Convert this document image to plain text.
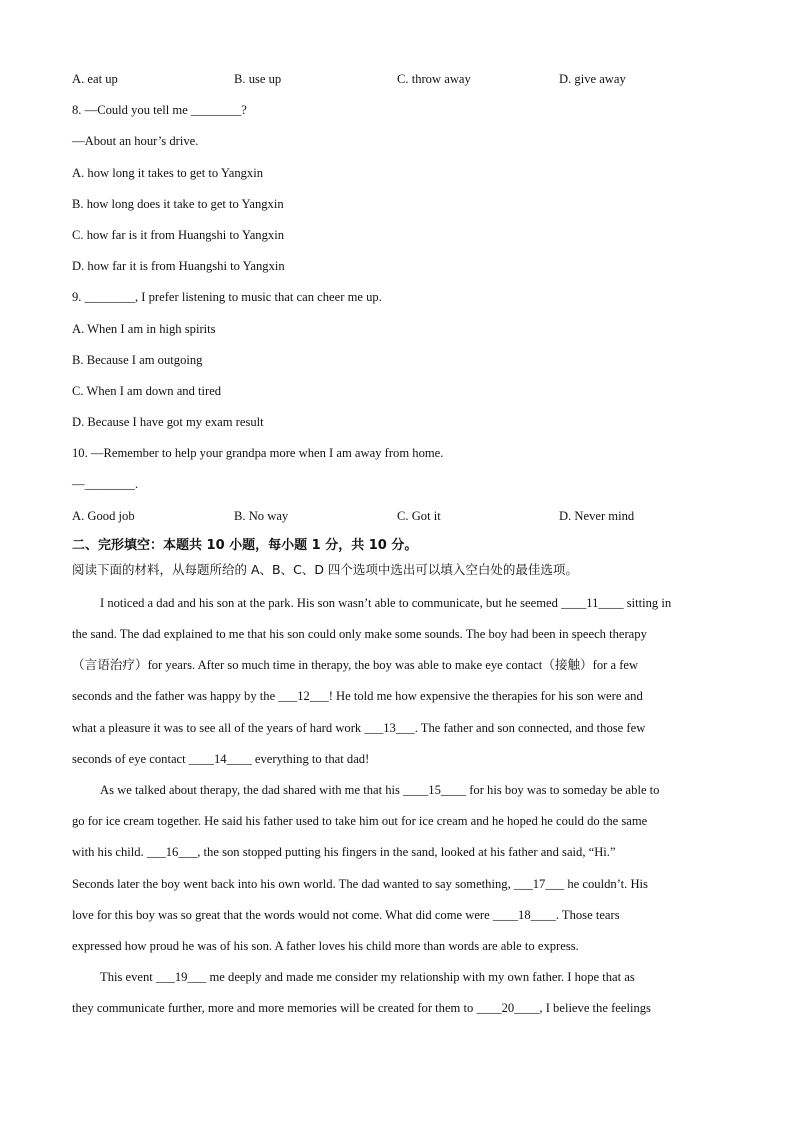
A. eat up	B. use up	C. throw away	D. give away
8. —Could you tell me ________?
—About an hour’s drive.
A. how long it takes to get to Yangxin
B. how long does it take to get to Yangxin
C. how far is it from Huangshi to Yangxin
D. how far it is from Huangshi to Yangxin
9. ________, I prefer listening to music that can cheer me up.
A. When I am in high spirits
B. Because I am outgoing
C. When I am down and tired
D. Because I have got my exam result
10. —Remember to help your grandpa more when I am away from home.
—________.
A. Good job	B. No way	C. Got it	D. Never mind
二、完形填空：本题共 10 小题，每小题 1 分，共 10 分。
阅读下面的材料，从每题所给的 A、B、C、D 四个选项中选出可以填入空白处的最佳选项。
I noticed a dad and his son at the park. His son wasn’t able to communicate, but he seemed ____11____ sitting in
the sand. The dad explained to me that his son could only make some sounds. The boy had been in speech therapy
（言语治疗）for years. After so much time in therapy, the boy was able to make eye contact（接触）for a few
seconds and the father was happy by the ___12___! He told me how expensive the therapies for his son were and
what a pleasure it was to see all of the years of hard work ___13___. The father and son connected, and those few
seconds of eye contact ____14____ everything to that dad!
As we talked about therapy, the dad shared with me that his ____15____ for his boy was to someday be able to
go for ice cream together. He said his father used to take him out for ice cream and he hoped he could do the same
with his child. ___16___, the son stopped putting his fingers in the sand, looked at his father and said, “Hi.”
Seconds later the boy went back into his own world. The dad wanted to say something, ___17___ he couldn’t. His
love for this boy was so great that the words would not come. What did come were ____18____. Those tears
expressed how proud he was of his son. A father loves his child more than words are able to express.
This event ___19___ me deeply and made me consider my relationship with my own father. I hope that as
they communicate further, more and more memories will be created for them to ____20____, I believe the feelings
